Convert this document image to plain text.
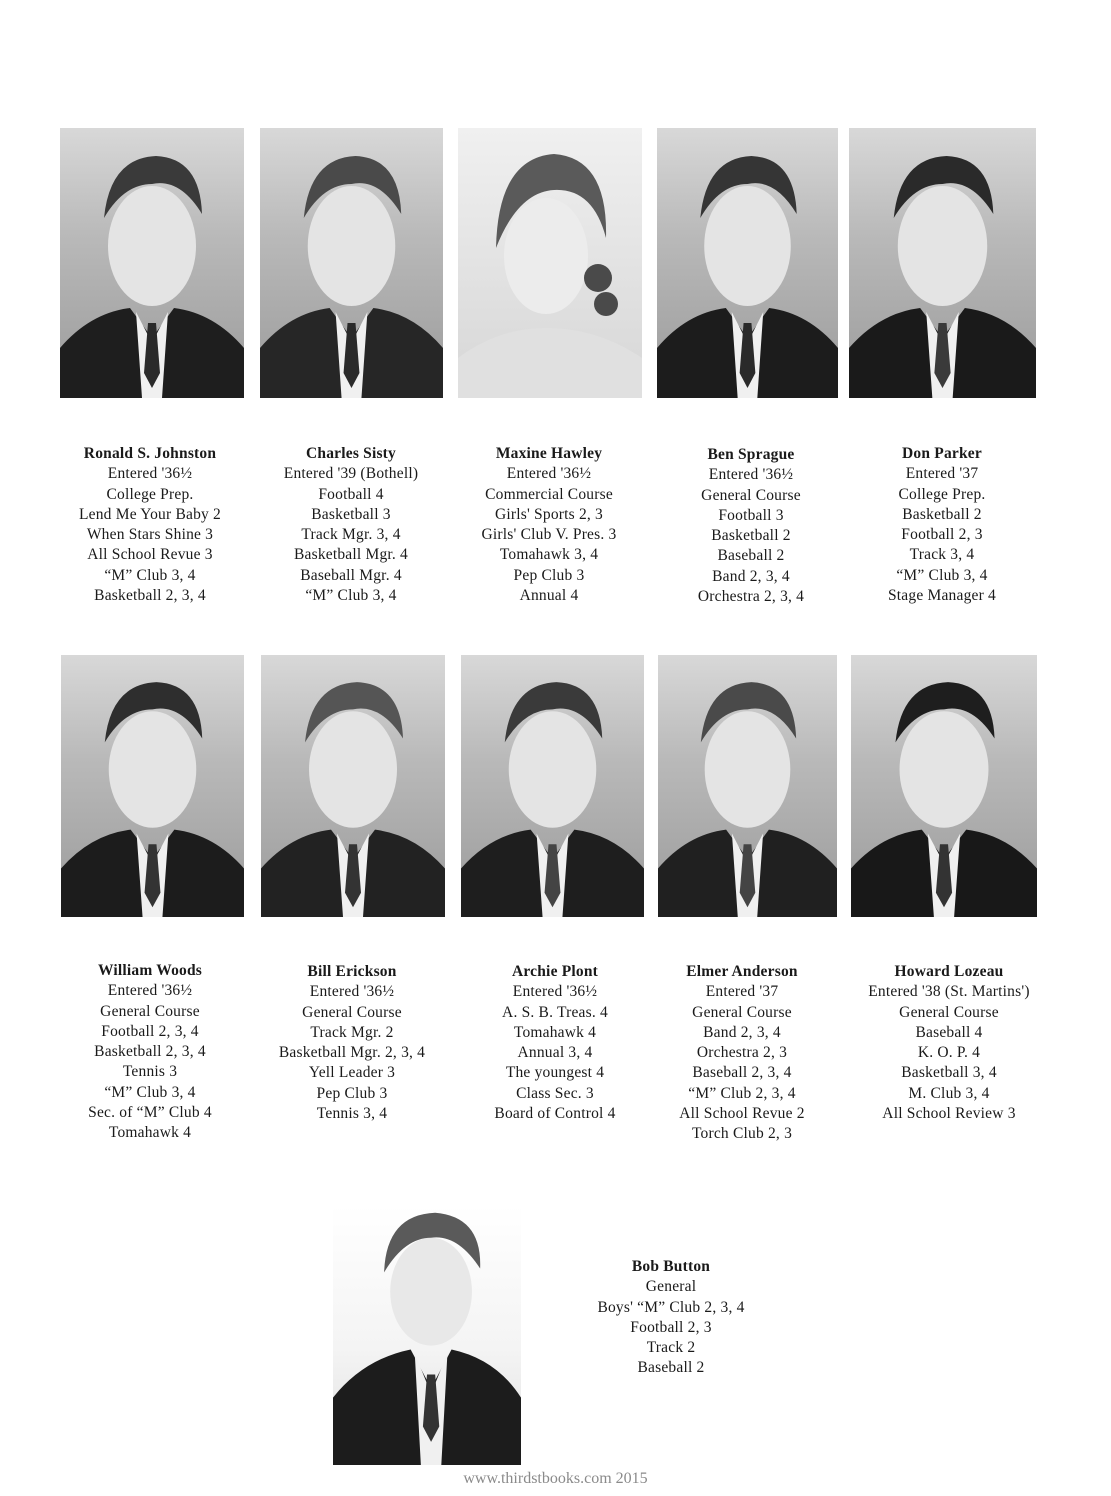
Ronald S. Johnston
Entered '36½
College Prep.
Lend Me Your Baby 2
When Stars Shine 3
All School Revue 3
“M” Club 3, 4
Basketball 2, 3, 4
Charles Sisty
Entered '39 (Bothell)
Football 4
Basketball 3
Track Mgr. 3, 4
Basketball Mgr. 4
Baseball Mgr. 4
“M” Club 3, 4
Maxine Hawley
Entered '36½
Commercial Course
Girls' Sports 2, 3
Girls' Club V. Pres. 3
Tomahawk 3, 4
Pep Club 3
Annual 4
Ben Sprague
Entered '36½
General Course
Football 3
Basketball 2
Baseball 2
Band 2, 3, 4
Orchestra 2, 3, 4
Don Parker
Entered '37
College Prep.
Basketball 2
Football 2, 3
Track 3, 4
“M” Club 3, 4
Stage Manager 4
William Woods
Entered '36½
General Course
Football 2, 3, 4
Basketball 2, 3, 4
Tennis 3
“M” Club 3, 4
Sec. of “M” Club 4
Tomahawk 4
Bill Erickson
Entered '36½
General Course
Track Mgr. 2
Basketball Mgr. 2, 3, 4
Yell Leader 3
Pep Club 3
Tennis 3, 4
Archie Plont
Entered '36½
A. S. B. Treas. 4
Tomahawk 4
Annual 3, 4
The youngest 4
Class Sec. 3
Board of Control 4
Elmer Anderson
Entered '37
General Course
Band 2, 3, 4
Orchestra 2, 3
Baseball 2, 3, 4
“M” Club 2, 3, 4
All School Revue 2
Torch Club 2, 3
Howard Lozeau
Entered '38 (St. Martins')
General Course
Baseball 4
K. O. P. 4
Basketball 3, 4
M. Club 3, 4
All School Review 3
Bob Button
General
Boys' “M” Club 2, 3, 4
Football 2, 3
Track 2
Baseball 2
www.thirdstbooks.com 2015
